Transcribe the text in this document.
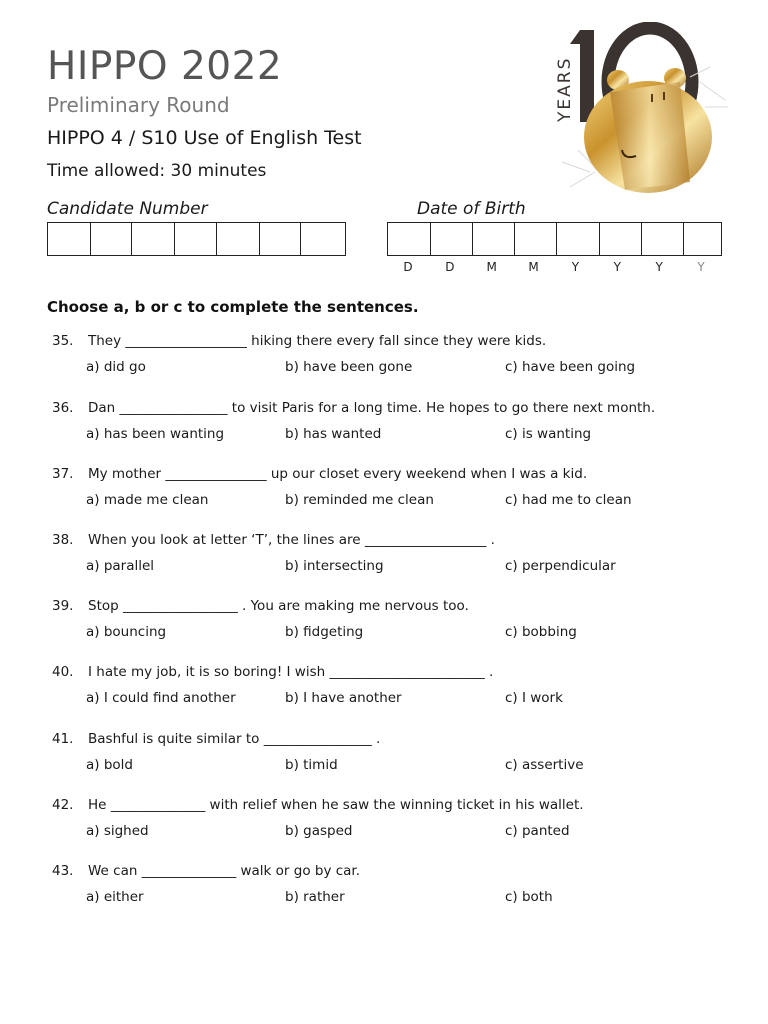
HIPPO 2022
Preliminary Round
HIPPO 4 / S10 Use of English Test
Time allowed: 30 minutes
YEARS
Candidate Number	Date of Birth
D	D	M	M	Y	Y	Y	Y
Choose a, b or c to complete the sentences.
35.	They __________________ hiking there every fall since they were kids.
a) did go	b) have been gone	c) have been going
36.	Dan ________________ to visit Paris for a long time. He hopes to go there next month.
a) has been wanting	b) has wanted	c) is wanting
37.	My mother _______________ up our closet every weekend when I was a kid.
a) made me clean	b) reminded me clean	c) had me to clean
38.	When you look at letter ‘T’, the lines are __________________ .
a) parallel	b) intersecting	c) perpendicular
39.	Stop _________________ . You are making me nervous too.
a) bouncing	b) fidgeting	c) bobbing
40.	I hate my job, it is so boring! I wish _______________________ .
a) I could find another	b) I have another	c) I work
41.	Bashful is quite similar to ________________ .
a) bold	b) timid	c) assertive
42.	He ______________ with relief when he saw the winning ticket in his wallet.
a) sighed	b) gasped	c) panted
43.	We can ______________ walk or go by car.
a) either	b) rather	c) both
